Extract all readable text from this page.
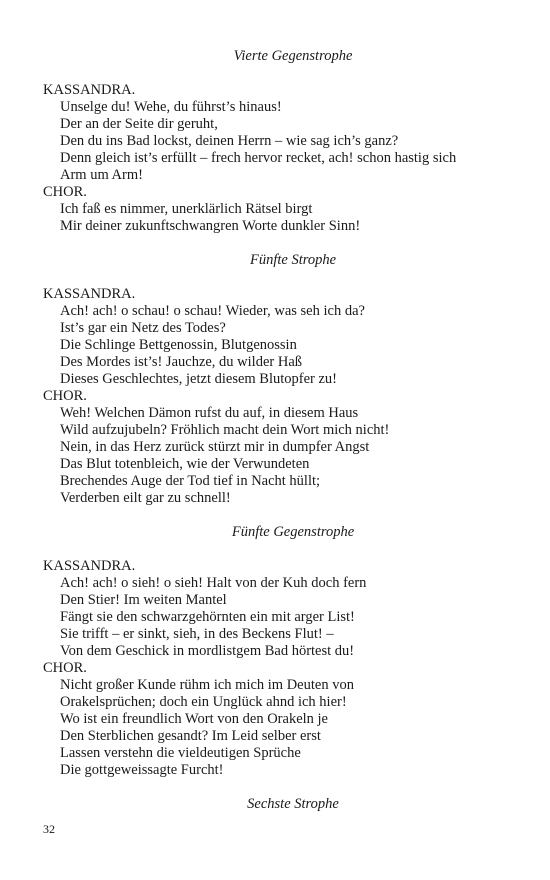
Vierte Gegenstrophe
KASSANDRA.
Unselge du! Wehe, du führst’s hinaus!
Der an der Seite dir geruht,
Den du ins Bad lockst, deinen Herrn – wie sag ich’s ganz?
Denn gleich ist’s erfüllt – frech hervor recket, ach! schon hastig sich
Arm um Arm!
CHOR.
Ich faß es nimmer, unerklärlich Rätsel birgt
Mir deiner zukunftschwangren Worte dunkler Sinn!
Fünfte Strophe
KASSANDRA.
Ach! ach! o schau! o schau! Wieder, was seh ich da?
Ist’s gar ein Netz des Todes?
Die Schlinge Bettgenossin, Blutgenossin
Des Mordes ist’s! Jauchze, du wilder Haß
Dieses Geschlechtes, jetzt diesem Blutopfer zu!
CHOR.
Weh! Welchen Dämon rufst du auf, in diesem Haus
Wild aufzujubeln? Fröhlich macht dein Wort mich nicht!
Nein, in das Herz zurück stürzt mir in dumpfer Angst
Das Blut totenbleich, wie der Verwundeten
Brechendes Auge der Tod tief in Nacht hüllt;
Verderben eilt gar zu schnell!
Fünfte Gegenstrophe
KASSANDRA.
Ach! ach! o sieh! o sieh! Halt von der Kuh doch fern
Den Stier! Im weiten Mantel
Fängt sie den schwarzgehörnten ein mit arger List!
Sie trifft – er sinkt, sieh, in des Beckens Flut! –
Von dem Geschick in mordlistgem Bad hörtest du!
CHOR.
Nicht großer Kunde rühm ich mich im Deuten von
Orakelsprüchen; doch ein Unglück ahnd ich hier!
Wo ist ein freundlich Wort von den Orakeln je
Den Sterblichen gesandt? Im Leid selber erst
Lassen verstehn die vieldeutigen Sprüche
Die gottgeweissagte Furcht!
Sechste Strophe
32
